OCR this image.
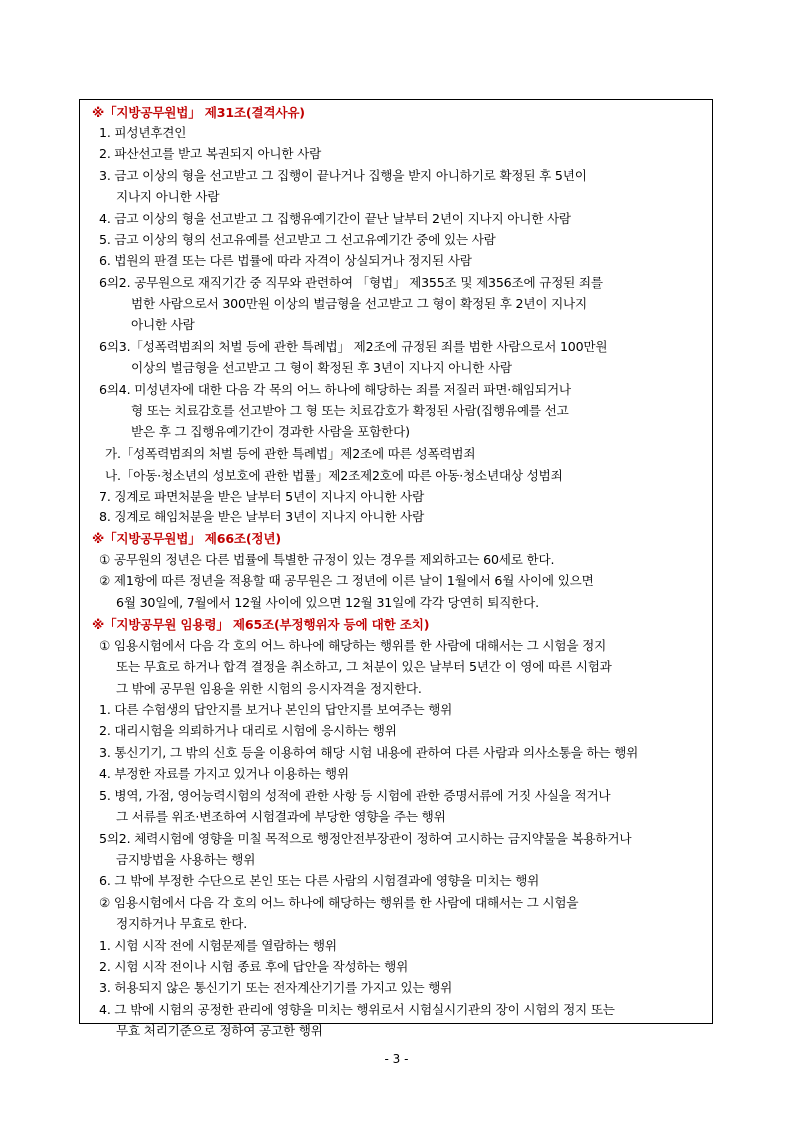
※「지방공무원법」 제31조(결격사유)
1. 피성년후견인
2. 파산선고를 받고 복권되지 아니한 사람
3. 금고 이상의 형을 선고받고 그 집행이 끝나거나 집행을 받지 아니하기로 확정된 후 5년이
지나지 아니한 사람
4. 금고 이상의 형을 선고받고 그 집행유예기간이 끝난 날부터 2년이 지나지 아니한 사람
5. 금고 이상의 형의 선고유예를 선고받고 그 선고유예기간 중에 있는 사람
6. 법원의 판결 또는 다른 법률에 따라 자격이 상실되거나 정지된 사람
6의2. 공무원으로 재직기간 중 직무와 관련하여 「형법」 제355조 및 제356조에 규정된 죄를
범한 사람으로서 300만원 이상의 벌금형을 선고받고 그 형이 확정된 후 2년이 지나지
아니한 사람
6의3.「성폭력범죄의 처벌 등에 관한 특례법」 제2조에 규정된 죄를 범한 사람으로서 100만원
이상의 벌금형을 선고받고 그 형이 확정된 후 3년이 지나지 아니한 사람
6의4. 미성년자에 대한 다음 각 목의 어느 하나에 해당하는 죄를 저질러 파면·해임되거나
형 또는 치료감호를 선고받아 그 형 또는 치료감호가 확정된 사람(집행유예를 선고
받은 후 그 집행유예기간이 경과한 사람을 포함한다)
가.「성폭력범죄의 처벌 등에 관한 특례법」제2조에 따른 성폭력범죄
나.「아동·청소년의 성보호에 관한 법률」제2조제2호에 따른 아동·청소년대상 성범죄
7. 징계로 파면처분을 받은 날부터 5년이 지나지 아니한 사람
8. 징계로 해임처분을 받은 날부터 3년이 지나지 아니한 사람
※「지방공무원법」 제66조(정년)
① 공무원의 정년은 다른 법률에 특별한 규정이 있는 경우를 제외하고는 60세로 한다.
② 제1항에 따른 정년을 적용할 때 공무원은 그 정년에 이른 날이 1월에서 6월 사이에 있으면
6월 30일에, 7월에서 12월 사이에 있으면 12월 31일에 각각 당연히 퇴직한다.
※「지방공무원 임용령」 제65조(부정행위자 등에 대한 조치)
① 임용시험에서 다음 각 호의 어느 하나에 해당하는 행위를 한 사람에 대해서는 그 시험을 정지
또는 무효로 하거나 합격 결정을 취소하고, 그 처분이 있은 날부터 5년간 이 영에 따른 시험과
그 밖에 공무원 임용을 위한 시험의 응시자격을 정지한다.
1. 다른 수험생의 답안지를 보거나 본인의 답안지를 보여주는 행위
2. 대리시험을 의뢰하거나 대리로 시험에 응시하는 행위
3. 통신기기, 그 밖의 신호 등을 이용하여 해당 시험 내용에 관하여 다른 사람과 의사소통을 하는 행위
4. 부정한 자료를 가지고 있거나 이용하는 행위
5. 병역, 가점, 영어능력시험의 성적에 관한 사항 등 시험에 관한 증명서류에 거짓 사실을 적거나
그 서류를 위조·변조하여 시험결과에 부당한 영향을 주는 행위
5의2. 체력시험에 영향을 미칠 목적으로 행정안전부장관이 정하여 고시하는 금지약물을 복용하거나
금지방법을 사용하는 행위
6. 그 밖에 부정한 수단으로 본인 또는 다른 사람의 시험결과에 영향을 미치는 행위
② 임용시험에서 다음 각 호의 어느 하나에 해당하는 행위를 한 사람에 대해서는 그 시험을
정지하거나 무효로 한다.
1. 시험 시작 전에 시험문제를 열람하는 행위
2. 시험 시작 전이나 시험 종료 후에 답안을 작성하는 행위
3. 허용되지 않은 통신기기 또는 전자계산기기를 가지고 있는 행위
4. 그 밖에 시험의 공정한 관리에 영향을 미치는 행위로서 시험실시기관의 장이 시험의 정지 또는
무효 처리기준으로 정하여 공고한 행위
- 3 -
